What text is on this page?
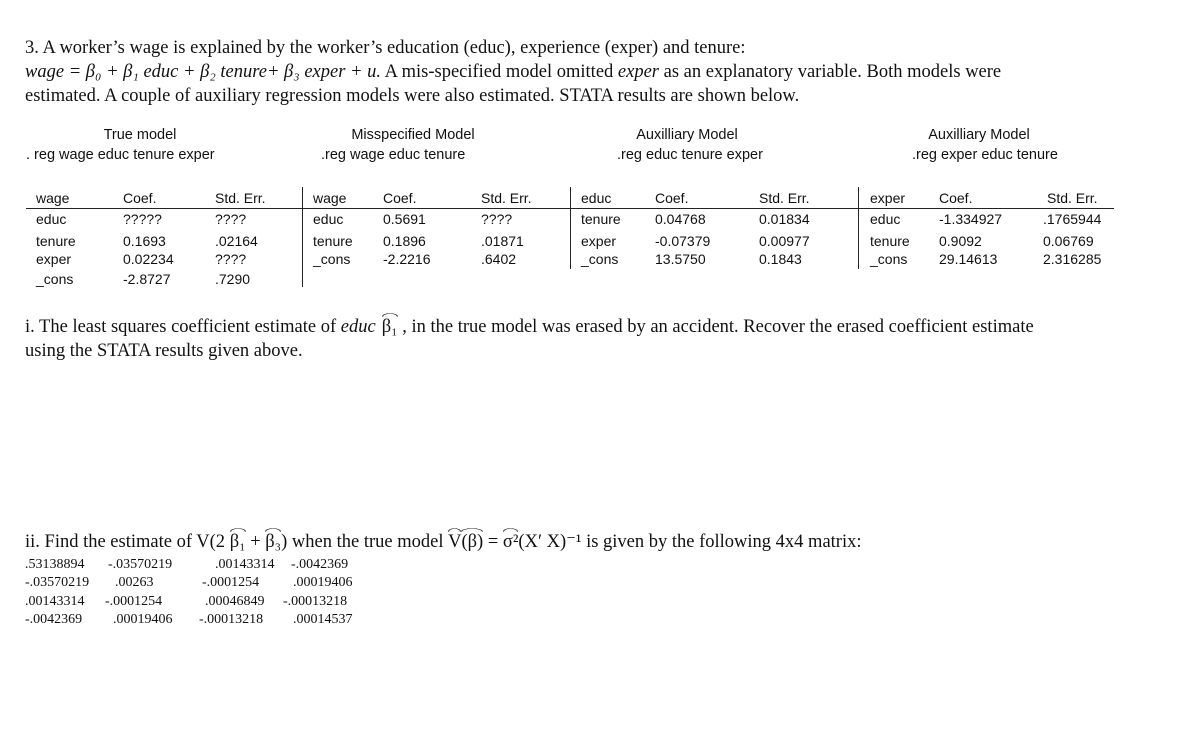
3. A worker’s wage is explained by the worker’s education (educ), experience (exper) and tenure:
wage = β₀ + β₁ educ + β₂ tenure+ β₃ exper + u. A mis-specified model omitted exper as an explanatory variable. Both models were
estimated. A couple of auxiliary regression models were also estimated. STATA results are shown below.
True model
. reg wage educ tenure exper
Misspecified Model
.reg wage educ tenure
Auxilliary Model
.reg educ tenure exper
Auxilliary Model
.reg exper educ tenure
wage	Coef.	Std. Err.
educ	?????	????
tenure	0.1693	.02164
exper	0.02234	????
_cons	-2.8727	.7290
wage	Coef.	Std. Err.
educ	0.5691	????
tenure 0.1896	.01871
_cons -2.2216	.6402
educ	Coef.	Std. Err.
tenure 0.04768	0.01834
exper	-0.07379	0.00977
_cons	13.5750	0.1843
exper Coef.	Std. Err.
educ	-1.334927	.1765944
tenure 0.9092	0.06769
_cons 29.14613	2.316285
i. The least squares coefficient estimate of educ β₁ , in the true model was erased by an accident. Recover the erased coefficient estimate
using the STATA results given above.
ii. Find the estimate of V(2 β₁ + β₃) when the true model V(β) = σ²(X′ X)⁻¹ is given by the following 4x4 matrix:
.53138894 -.03570219	.00143314 -.0042369
-.03570219 .00263	-.0001254 .00019406
.00143314 -.0001254	.00046849 -.00013218
-.0042369 .00019406 -.00013218 .00014537
